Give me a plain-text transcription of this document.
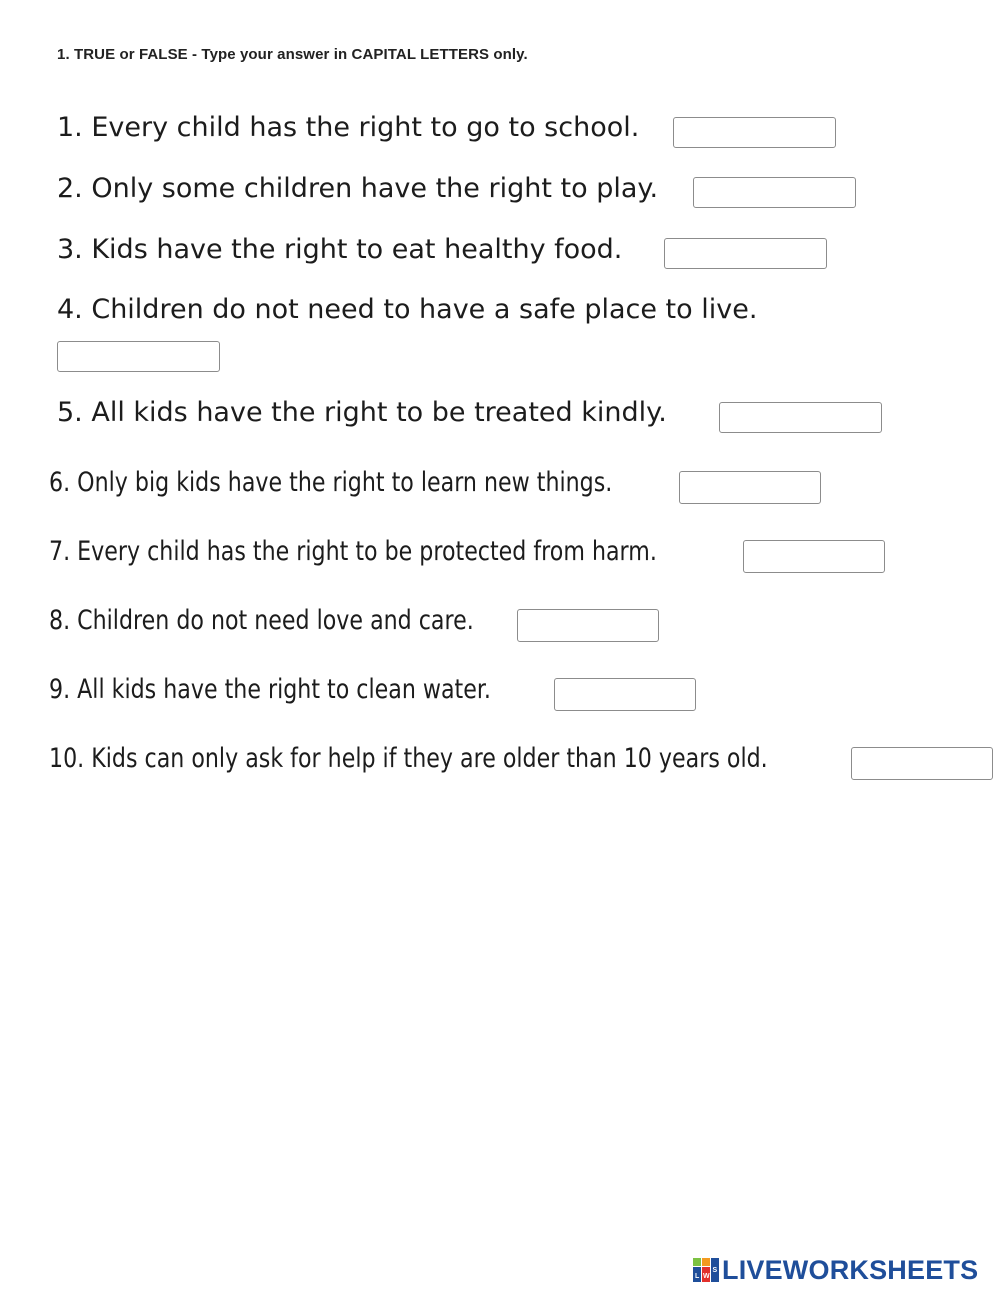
1. TRUE or FALSE - Type your answer in CAPITAL LETTERS only.
1. Every child has the right to go to school.
2. Only some children have the right to play.
3. Kids have the right to eat healthy food.
4. Children do not need to have a safe place to live.
5. All kids have the right to be treated kindly.
6. Only big kids have the right to learn new things.
7. Every child has the right to be protected from harm.
8. Children do not need love and care.
9. All kids have the right to clean water.
10. Kids can only ask for help if they are older than 10 years old.
L W
S LIVEWORKSHEETS
